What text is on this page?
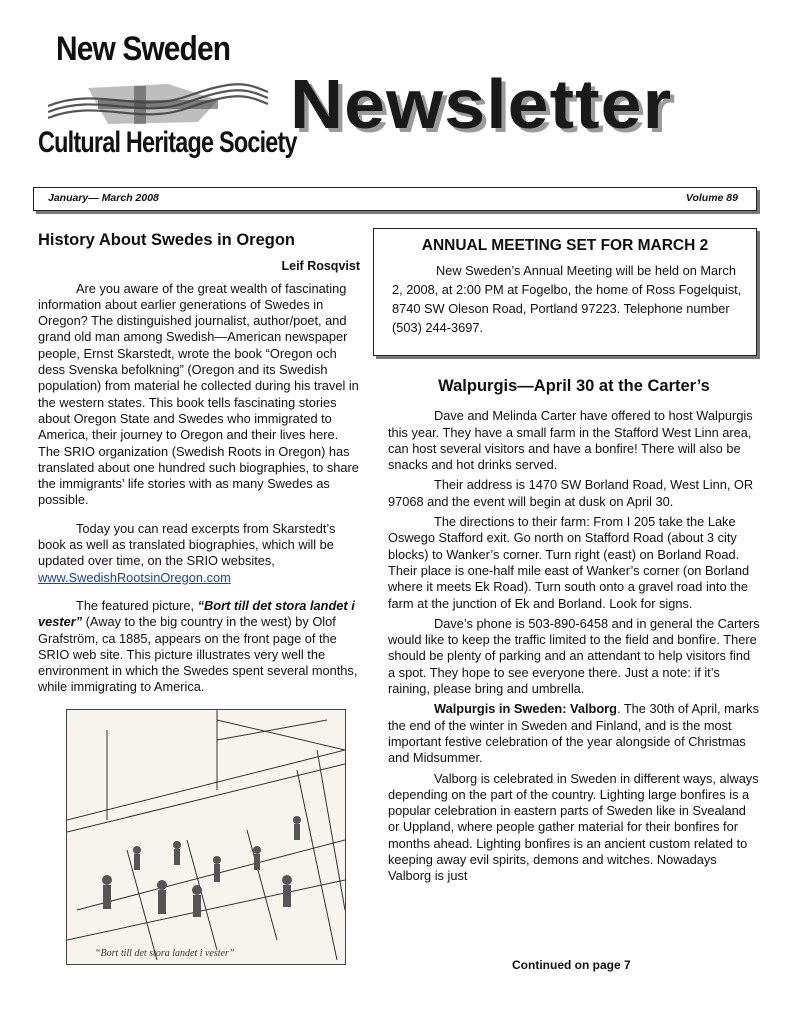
New Sweden
Cultural Heritage Society
Newsletter
January— March 2008	Volume 89
History About Swedes in Oregon
Leif Rosqvist

Are you aware of the great wealth of fascinating information about earlier generations of Swedes in Oregon? The distinguished journalist, author/poet, and grand old man among Swedish—American newspaper people, Ernst Skarstedt, wrote the book “Oregon och dess Svenska befolkning” (Oregon and its Swedish population) from material he collected during his travel in the western states. This book tells fascinating stories about Oregon State and Swedes who immigrated to America, their journey to Oregon and their lives here. The SRIO organization (Swedish Roots in Oregon) has translated about one hundred such biographies, to share the immigrants’ life stories with as many Swedes as possible.

Today you can read excerpts from Skarstedt’s book as well as translated biographies, which will be updated over time, on the SRIO websites,
www.SwedishRootsinOregon.com

The featured picture, “Bort till det stora landet i vester” (Away to the big country in the west) by Olof Grafström, ca 1885, appears on the front page of the SRIO web site. This picture illustrates very well the environment in which the Swedes spent several months, while immigrating to America.

“Bort till det stora landet i vester”
ANNUAL MEETING SET FOR MARCH 2
New Sweden’s Annual Meeting will be held on March 2, 2008, at 2:00 PM at Fogelbo, the home of Ross Fogelquist, 8740 SW Oleson Road, Portland 97223. Telephone number (503) 244-3697.
Walpurgis—April 30 at the Carter’s

Dave and Melinda Carter have offered to host Walpurgis this year. They have a small farm in the Stafford West Linn area, can host several visitors and have a bonfire! There will also be snacks and hot drinks served.

Their address is 1470 SW Borland Road, West Linn, OR 97068 and the event will begin at dusk on April 30.

The directions to their farm: From I 205 take the Lake Oswego Stafford exit. Go north on Stafford Road (about 3 city blocks) to Wanker’s corner. Turn right (east) on Borland Road. Their place is one-half mile east of Wanker’s corner (on Borland where it meets Ek Road). Turn south onto a gravel road into the farm at the junction of Ek and Borland. Look for signs.

Dave’s phone is 503-890-6458 and in general the Carters would like to keep the traffic limited to the field and bonfire. There should be plenty of parking and an attendant to help visitors find a spot. They hope to see everyone there. Just a note: if it’s raining, please bring and umbrella.

Walpurgis in Sweden: Valborg. The 30th of April, marks the end of the winter in Sweden and Finland, and is the most important festive celebration of the year alongside of Christmas and Midsummer.

Valborg is celebrated in Sweden in different ways, always depending on the part of the country. Lighting large bonfires is a popular celebration in eastern parts of Sweden like in Svealand or Uppland, where people gather material for their bonfires for months ahead. Lighting bonfires is an ancient custom related to keeping away evil spirits, demons and witches. Nowadays Valborg is just

Continued on page 7
